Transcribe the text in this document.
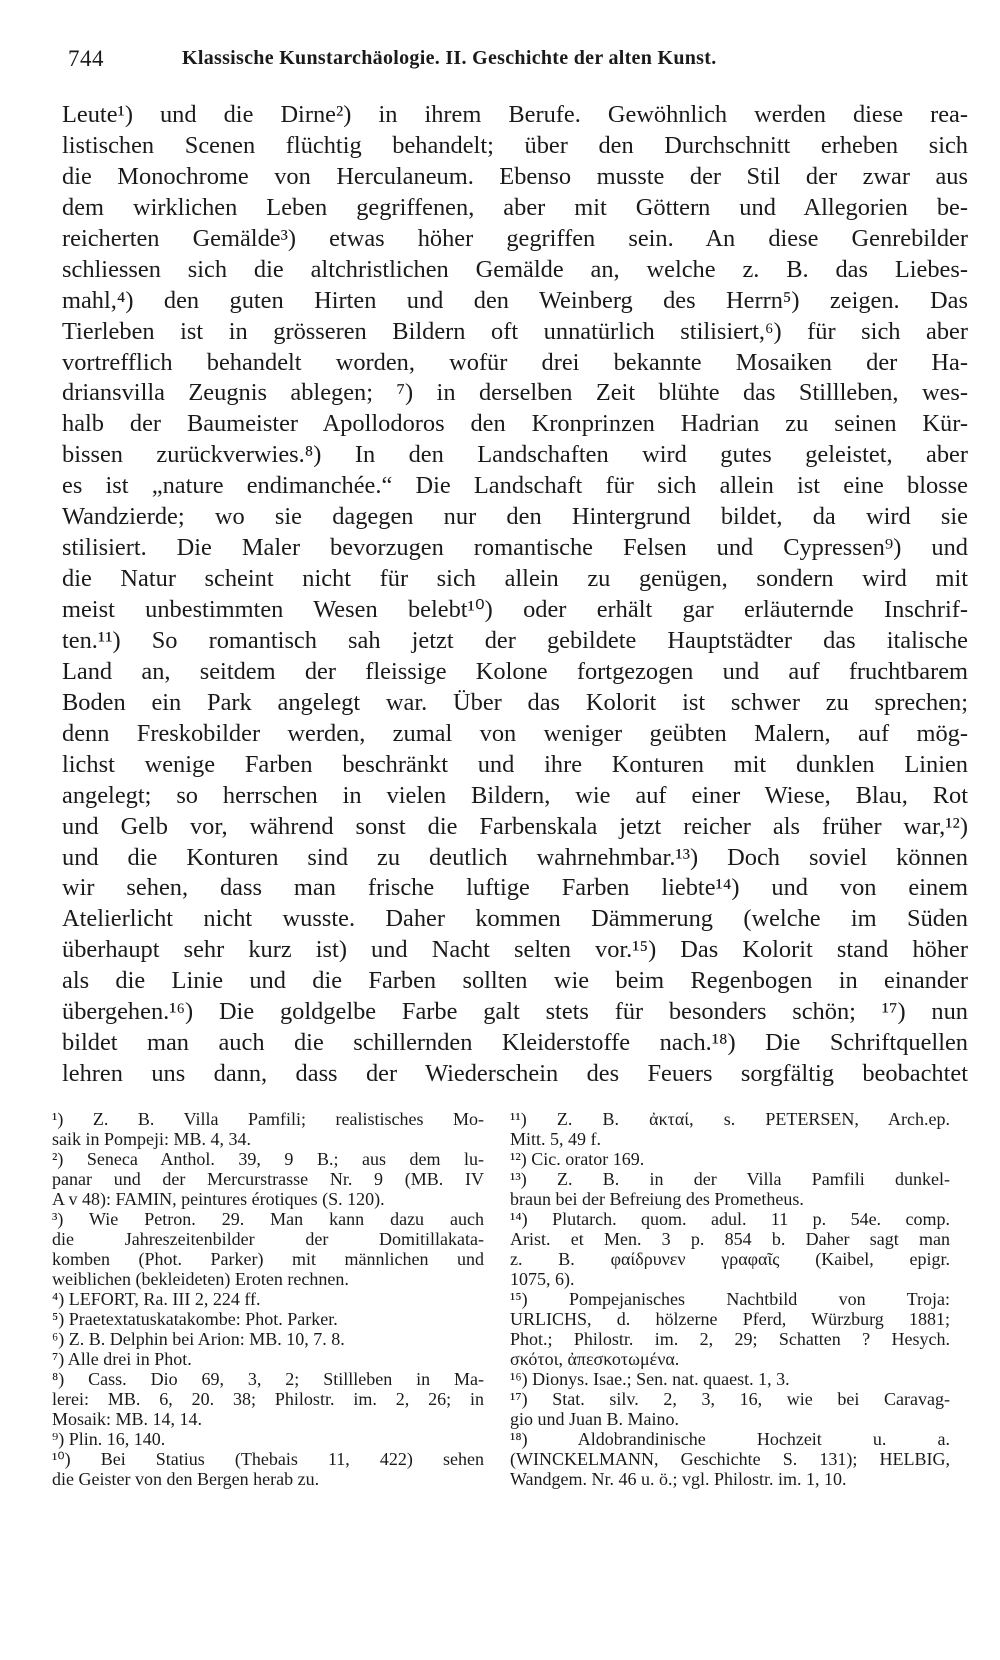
744	Klassische Kunstarchäologie. II. Geschichte der alten Kunst.
Leute¹) und die Dirne²) in ihrem Berufe. Gewöhnlich werden diese rea-
listischen Scenen flüchtig behandelt; über den Durchschnitt erheben sich
die Monochrome von Herculaneum. Ebenso musste der Stil der zwar aus
dem wirklichen Leben gegriffenen, aber mit Göttern und Allegorien be-
reicherten Gemälde³) etwas höher gegriffen sein. An diese Genrebilder
schliessen sich die altchristlichen Gemälde an, welche z. B. das Liebes-
mahl,⁴) den guten Hirten und den Weinberg des Herrn⁵) zeigen. Das
Tierleben ist in grösseren Bildern oft unnatürlich stilisiert,⁶) für sich aber
vortrefflich behandelt worden, wofür drei bekannte Mosaiken der Ha-
driansvilla Zeugnis ablegen; ⁷) in derselben Zeit blühte das Stillleben, wes-
halb der Baumeister Apollodoros den Kronprinzen Hadrian zu seinen Kür-
bissen zurückverwies.⁸) In den Landschaften wird gutes geleistet, aber
es ist „nature endimanchée.“ Die Landschaft für sich allein ist eine blosse
Wandzierde; wo sie dagegen nur den Hintergrund bildet, da wird sie
stilisiert. Die Maler bevorzugen romantische Felsen und Cypressen⁹) und
die Natur scheint nicht für sich allein zu genügen, sondern wird mit
meist unbestimmten Wesen belebt¹⁰) oder erhält gar erläuternde Inschrif-
ten.¹¹) So romantisch sah jetzt der gebildete Hauptstädter das italische
Land an, seitdem der fleissige Kolone fortgezogen und auf fruchtbarem
Boden ein Park angelegt war. Über das Kolorit ist schwer zu sprechen;
denn Freskobilder werden, zumal von weniger geübten Malern, auf mög-
lichst wenige Farben beschränkt und ihre Konturen mit dunklen Linien
angelegt; so herrschen in vielen Bildern, wie auf einer Wiese, Blau, Rot
und Gelb vor, während sonst die Farbenskala jetzt reicher als früher war,¹²)
und die Konturen sind zu deutlich wahrnehmbar.¹³) Doch soviel können
wir sehen, dass man frische luftige Farben liebte¹⁴) und von einem
Atelierlicht nicht wusste. Daher kommen Dämmerung (welche im Süden
überhaupt sehr kurz ist) und Nacht selten vor.¹⁵) Das Kolorit stand höher
als die Linie und die Farben sollten wie beim Regenbogen in einander
übergehen.¹⁶) Die goldgelbe Farbe galt stets für besonders schön; ¹⁷) nun
bildet man auch die schillernden Kleiderstoffe nach.¹⁸) Die Schriftquellen
lehren uns dann, dass der Wiederschein des Feuers sorgfältig beobachtet
¹) Z. B. Villa Pamfili; realistisches Mo-
saik in Pompeji: MB. 4, 34.
²) Seneca Anthol. 39, 9 B.; aus dem lu-
panar und der Mercurstrasse Nr. 9 (MB. IV
A v 48): FAMIN, peintures érotiques (S. 120).
³) Wie Petron. 29. Man kann dazu auch
die Jahreszeitenbilder der Domitillakata-
komben (Phot. Parker) mit männlichen und
weiblichen (bekleideten) Eroten rechnen.
⁴) LEFORT, Ra. III 2, 224 ff.
⁵) Praetextatuskatakombe: Phot. Parker.
⁶) Z. B. Delphin bei Arion: MB. 10, 7. 8.
⁷) Alle drei in Phot.
⁸) Cass. Dio 69, 3, 2; Stillleben in Ma-
lerei: MB. 6, 20. 38; Philostr. im. 2, 26; in
Mosaik: MB. 14, 14.
⁹) Plin. 16, 140.
¹⁰) Bei Statius (Thebais 11, 422) sehen
die Geister von den Bergen herab zu.
¹¹) Z. B. ἀκταί, s. PETERSEN, Arch.ep.
Mitt. 5, 49 f.
¹²) Cic. orator 169.
¹³) Z. B. in der Villa Pamfili dunkel-
braun bei der Befreiung des Prometheus.
¹⁴) Plutarch. quom. adul. 11 p. 54e. comp.
Arist. et Men. 3 p. 854 b. Daher sagt man
z. B. φαίδρυνεν γραφαῖς (Kaibel, epigr.
1075, 6).
¹⁵) Pompejanisches Nachtbild von Troja:
URLICHS, d. hölzerne Pferd, Würzburg 1881;
Phot.; Philostr. im. 2, 29; Schatten ? Hesych.
σκότοι, ἀπεσκοτωμένα.
¹⁶) Dionys. Isae.; Sen. nat. quaest. 1, 3.
¹⁷) Stat. silv. 2, 3, 16, wie bei Caravag-
gio und Juan B. Maino.
¹⁸) Aldobrandinische Hochzeit u. a.
(WINCKELMANN, Geschichte S. 131); HELBIG,
Wandgem. Nr. 46 u. ö.; vgl. Philostr. im. 1, 10.
